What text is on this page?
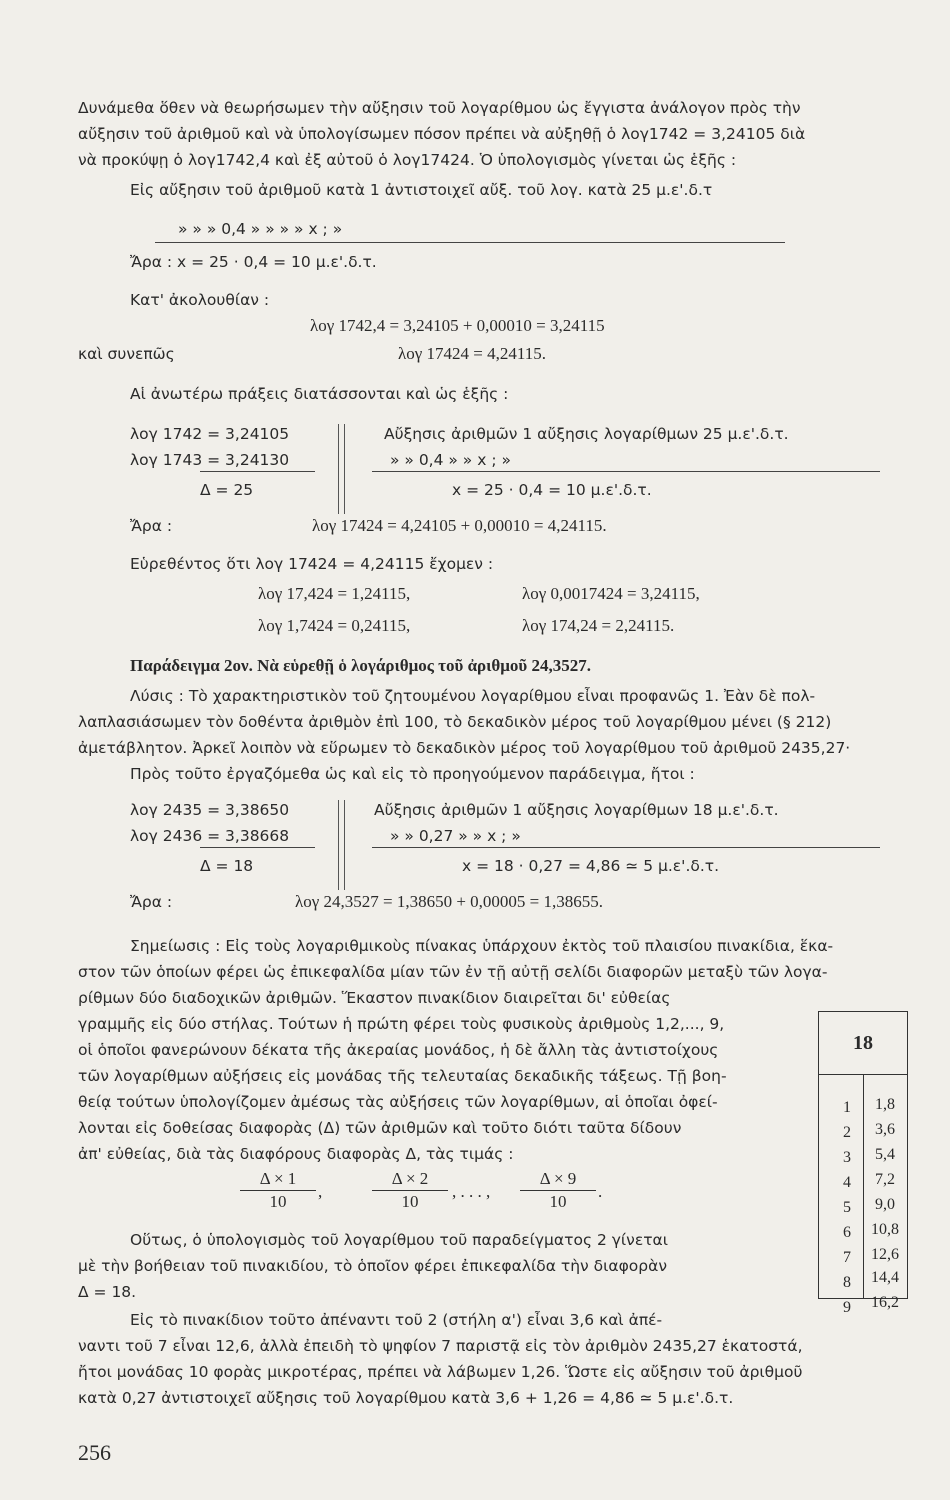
Δυνάμεθα ὅθεν νὰ θεωρήσωμεν τὴν αὔξησιν τοῦ λογαρίθμου ὡς ἔγγιστα ἀνάλογον πρὸς τὴν
αὔξησιν τοῦ ἀριθμοῦ καὶ νὰ ὑπολογίσωμεν πόσον πρέπει νὰ αὐξηθῇ ὁ λογ1742 = 3,24105 διὰ
νὰ προκύψῃ ὁ λογ1742,4 καὶ ἐξ αὐτοῦ ὁ λογ17424. Ὁ ὑπολογισμὸς γίνεται ὡς ἑξῆς :
Εἰς αὔξησιν τοῦ ἀριθμοῦ κατὰ 1 ἀντιστοιχεῖ αὔξ. τοῦ λογ. κατὰ 25 μ.ε'.δ.τ
» » » 0,4 » » » » x ; »
Ἄρα : x = 25 · 0,4 = 10 μ.ε'.δ.τ.
Κατ' ἀκολουθίαν :
λογ 1742,4 = 3,24105 + 0,00010 = 3,24115
καὶ συνεπῶς	λογ 17424 = 4,24115.
Αἱ ἀνωτέρω πράξεις διατάσσονται καὶ ὡς ἑξῆς :
λογ 1742 = 3,24105
λογ 1743 = 3,24130
Δ = 25
Αὔξησις ἀριθμῶν 1 αὔξησις λογαρίθμων 25 μ.ε'.δ.τ.
» » 0,4 » » x ; »
x = 25 · 0,4 = 10 μ.ε'.δ.τ.
Ἄρα :	λογ 17424 = 4,24105 + 0,00010 = 4,24115.
Εὑρεθέντος ὅτι λογ 17424 = 4,24115 ἔχομεν :
λογ 17,424 = 1,24115,	λογ 0,0017424 = 3,24115,
λογ 1,7424 = 0,24115,	λογ 174,24 = 2,24115.
Παράδειγμα 2ον. Νὰ εὑρεθῇ ὁ λογάριθμος τοῦ ἀριθμοῦ 24,3527.
Λύσις : Τὸ χαρακτηριστικὸν τοῦ ζητουμένου λογαρίθμου εἶναι προφανῶς 1. Ἐὰν δὲ πολ-
λαπλασιάσωμεν τὸν δοθέντα ἀριθμὸν ἐπὶ 100, τὸ δεκαδικὸν μέρος τοῦ λογαρίθμου μένει (§ 212)
ἀμετάβλητον. Ἀρκεῖ λοιπὸν νὰ εὕρωμεν τὸ δεκαδικὸν μέρος τοῦ λογαρίθμου τοῦ ἀριθμοῦ 2435,27·
Πρὸς τοῦτο ἐργαζόμεθα ὡς καὶ εἰς τὸ προηγούμενον παράδειγμα, ἤτοι :
λογ 2435 = 3,38650
λογ 2436 = 3,38668
Δ = 18
Αὔξησις ἀριθμῶν 1 αὔξησις λογαρίθμων 18 μ.ε'.δ.τ.
» » 0,27 » » x ; »
x = 18 · 0,27 = 4,86 ≃ 5 μ.ε'.δ.τ.
Ἄρα :	λογ 24,3527 = 1,38650 + 0,00005 = 1,38655.
Σημείωσις : Εἰς τοὺς λογαριθμικοὺς πίνακας ὑπάρχουν ἐκτὸς τοῦ πλαισίου πινακίδια, ἕκα-
στον τῶν ὁποίων φέρει ὡς ἐπικεφαλίδα μίαν τῶν ἐν τῇ αὐτῇ σελίδι διαφορῶν μεταξὺ τῶν λογα-
ρίθμων δύο διαδοχικῶν ἀριθμῶν. Ἕκαστον πινακίδιον διαιρεῖται δι' εὐθείας
γραμμῆς εἰς δύο στήλας. Τούτων ἡ πρώτη φέρει τοὺς φυσικοὺς ἀριθμοὺς 1,2,..., 9,
οἱ ὁποῖοι φανερώνουν δέκατα τῆς ἀκεραίας μονάδος, ἡ δὲ ἄλλη τὰς ἀντιστοίχους
τῶν λογαρίθμων αὐξήσεις εἰς μονάδας τῆς τελευταίας δεκαδικῆς τάξεως. Τῇ βοη-
θείᾳ τούτων ὑπολογίζομεν ἀμέσως τὰς αὐξήσεις τῶν λογαρίθμων, αἱ ὁποῖαι ὀφεί-
λονται εἰς δοθείσας διαφορὰς (Δ) τῶν ἀριθμῶν καὶ τοῦτο διότι ταῦτα δίδουν
ἀπ' εὐθείας, διὰ τὰς διαφόρους διαφορὰς Δ, τὰς τιμάς :
$\frac{\Delta \times 1}{10}$ ,	$\frac{\Delta \times 2}{10}$ , . . . , $\frac{\Delta \times 9}{10}$ .
Οὕτως, ὁ ὑπολογισμὸς τοῦ λογαρίθμου τοῦ παραδείγματος 2 γίνεται
μὲ τὴν βοήθειαν τοῦ πινακιδίου, τὸ ὁποῖον φέρει ἐπικεφαλίδα τὴν διαφορὰν
Δ = 18.
Εἰς τὸ πινακίδιον τοῦτο ἀπέναντι τοῦ 2 (στήλη α') εἶναι 3,6 καὶ ἀπέ-
ναντι τοῦ 7 εἶναι 12,6, ἀλλὰ ἐπειδὴ τὸ ψηφίον 7 παριστᾷ εἰς τὸν ἀριθμὸν 2435,27 ἑκατοστά,
ἤτοι μονάδας 10 φορὰς μικροτέρας, πρέπει νὰ λάβωμεν 1,26. Ὥστε εἰς αὔξησιν τοῦ ἀριθμοῦ
κατὰ 0,27 ἀντιστοιχεῖ αὔξησις τοῦ λογαρίθμου κατὰ 3,6 + 1,26 = 4,86 ≃ 5 μ.ε'.δ.τ.
18
1 1,8
2 3,6
3 5,4
4 7,2
5 9,0
6 10,8
7 12,6
8 14,4
9 16,2
256
